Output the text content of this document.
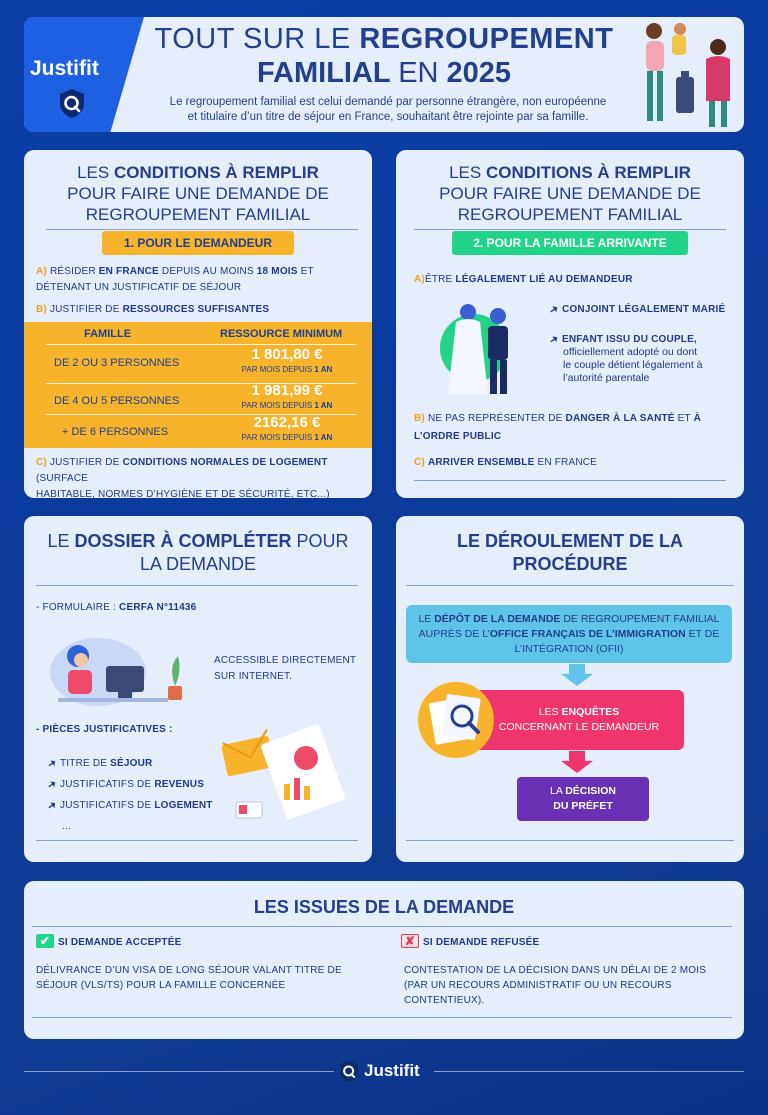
Justifit
TOUT SUR LE REGROUPEMENT
FAMILIAL EN 2025
Le regroupement familial est celui demandé par personne étrangère, non européenne
et titulaire d’un titre de séjour en France, souhaitant être rejointe par sa famille.
LES CONDITIONS À REMPLIR
POUR FAIRE UNE DEMANDE DE
REGROUPEMENT FAMILIAL
1. POUR LE DEMANDEUR
A) RÉSIDER EN FRANCE DEPUIS AU MOINS 18 MOIS ET
DÉTENANT UN JUSTIFICATIF DE SÉJOUR
B) JUSTIFIER DE RESSOURCES SUFFISANTES
C) JUSTIFIER DE CONDITIONS NORMALES DE LOGEMENT (SURFACE
HABITABLE, NORMES D’HYGIÈNE ET DE SÉCURITÉ, ETC...)
FAMILLE	RESSOURCE MINIMUM
DE 2 OU 3 PERSONNES	1 801,80 €
PAR MOIS DEPUIS 1 AN
DE 4 OU 5 PERSONNES
1 981,99 €
PAR MOIS DEPUIS 1 AN
+ DE 6 PERSONNES
2162,16 €
PAR MOIS DEPUIS 1 AN
LES CONDITIONS À REMPLIR
POUR FAIRE UNE DEMANDE DE
REGROUPEMENT FAMILIAL
2. POUR LA FAMILLE ARRIVANTE
A)ÊTRE LÉGALEMENT LIÉ AU DEMANDEUR
CONJOINT LÉGALEMENT MARIÉ
ENFANT ISSU DU COUPLE,
officiellement adopté ou dont
le couple détient légalement à
l’autorité parentale
B) NE PAS REPRÉSENTER DE DANGER À LA SANTÉ ET À
L’ORDRE PUBLIC
C) ARRIVER ENSEMBLE EN FRANCE
LE DOSSIER À COMPLÉTER POUR
LA DEMANDE
- FORMULAIRE : CERFA N°11436
ACCESSIBLE DIRECTEMENT
SUR INTERNET.
- PIÈCES JUSTIFICATIVES :
TITRE DE SÉJOUR
JUSTIFICATIFS DE REVENUS
JUSTIFICATIFS DE LOGEMENT
...
LE DÉROULEMENT DE LA
PROCÉDURE
LE DÉPÔT DE LA DEMANDE DE REGROUPEMENT FAMILIAL
AUPRÈS DE L’OFFICE FRANÇAIS DE L’IMMIGRATION ET DE
L’INTÉGRATION (OFII)
LES ENQUÊTES
CONCERNANT LE DEMANDEUR
LA DÉCISION
DU PRÉFET
LES ISSUES DE LA DEMANDE
✔ SI DEMANDE ACCEPTÉE
DÉLIVRANCE D’UN VISA DE LONG SÉJOUR VALANT TITRE DE
SÉJOUR (VLS/TS) POUR LA FAMILLE CONCERNÉE
✘ SI DEMANDE REFUSÉE
CONTESTATION DE LA DÉCISION DANS UN DÉLAI DE 2 MOIS
(PAR UN RECOURS ADMINISTRATIF OU UN RECOURS
CONTENTIEUX).
Justifit
